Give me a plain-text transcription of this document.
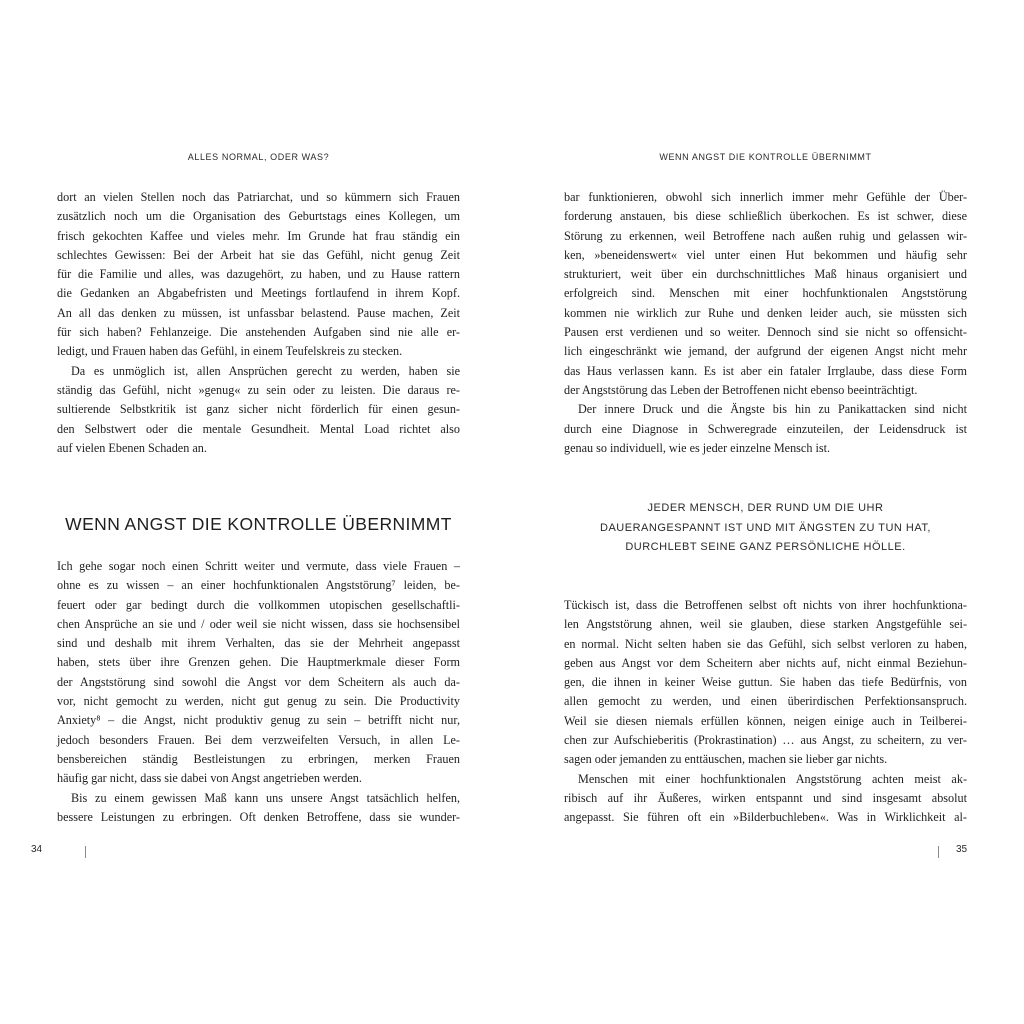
ALLES NORMAL, ODER WAS?

dort an vielen Stellen noch das Patriarchat, und so kümmern sich Frauen
zusätzlich noch um die Organisation des Geburtstags eines Kollegen, um
frisch gekochten Kaffee und vieles mehr. Im Grunde hat frau ständig ein
schlechtes Gewissen: Bei der Arbeit hat sie das Gefühl, nicht genug Zeit
für die Familie und alles, was dazugehört, zu haben, und zu Hause rattern
die Gedanken an Abgabefristen und Meetings fortlaufend in ihrem Kopf.
An all das denken zu müssen, ist unfassbar belastend. Pause machen, Zeit
für sich haben? Fehlanzeige. Die anstehenden Aufgaben sind nie alle er-
ledigt, und Frauen haben das Gefühl, in einem Teufelskreis zu stecken.

Da es unmöglich ist, allen Ansprüchen gerecht zu werden, haben sie
ständig das Gefühl, nicht »genug« zu sein oder zu leisten. Die daraus re-
sultierende Selbstkritik ist ganz sicher nicht förderlich für einen gesun-
den Selbstwert oder die mentale Gesundheit. Mental Load richtet also
auf vielen Ebenen Schaden an.

WENN ANGST DIE KONTROLLE ÜBERNIMMT

Ich gehe sogar noch einen Schritt weiter und vermute, dass viele Frauen –
ohne es zu wissen – an einer hochfunktionalen Angststörung⁷ leiden, be-
feuert oder gar bedingt durch die vollkommen utopischen gesellschaftli-
chen Ansprüche an sie und / oder weil sie nicht wissen, dass sie hochsensibel
sind und deshalb mit ihrem Verhalten, das sie der Mehrheit angepasst
haben, stets über ihre Grenzen gehen. Die Hauptmerkmale dieser Form
der Angststörung sind sowohl die Angst vor dem Scheitern als auch da-
vor, nicht gemocht zu werden, nicht gut genug zu sein. Die Productivity
Anxiety⁸ – die Angst, nicht produktiv genug zu sein – betrifft nicht nur,
jedoch besonders Frauen. Bei dem verzweifelten Versuch, in allen Le-
bensbereichen ständig Bestleistungen zu erbringen, merken Frauen
häufig gar nicht, dass sie dabei von Angst angetrieben werden.

Bis zu einem gewissen Maß kann uns unsere Angst tatsächlich helfen,
bessere Leistungen zu erbringen. Oft denken Betroffene, dass sie wunder-

34
WENN ANGST DIE KONTROLLE ÜBERNIMMT

bar funktionieren, obwohl sich innerlich immer mehr Gefühle der Über-
forderung anstauen, bis diese schließlich überkochen. Es ist schwer, diese
Störung zu erkennen, weil Betroffene nach außen ruhig und gelassen wir-
ken, »beneidenswert« viel unter einen Hut bekommen und häufig sehr
strukturiert, weit über ein durchschnittliches Maß hinaus organisiert und
erfolgreich sind. Menschen mit einer hochfunktionalen Angststörung
kommen nie wirklich zur Ruhe und denken leider auch, sie müssten sich
Pausen erst verdienen und so weiter. Dennoch sind sie nicht so offensicht-
lich eingeschränkt wie jemand, der aufgrund der eigenen Angst nicht mehr
das Haus verlassen kann. Es ist aber ein fataler Irrglaube, dass diese Form
der Angststörung das Leben der Betroffenen nicht ebenso beeinträchtigt.

Der innere Druck und die Ängste bis hin zu Panikattacken sind nicht
durch eine Diagnose in Schweregrade einzuteilen, der Leidensdruck ist
genau so individuell, wie es jeder einzelne Mensch ist.

JEDER MENSCH, DER RUND UM DIE UHR
DAUERANGESPANNT IST UND MIT ÄNGSTEN ZU TUN HAT,
DURCHLEBT SEINE GANZ PERSÖNLICHE HÖLLE.

Tückisch ist, dass die Betroffenen selbst oft nichts von ihrer hochfunktiona-
len Angststörung ahnen, weil sie glauben, diese starken Angstgefühle sei-
en normal. Nicht selten haben sie das Gefühl, sich selbst verloren zu haben,
geben aus Angst vor dem Scheitern aber nichts auf, nicht einmal Beziehun-
gen, die ihnen in keiner Weise guttun. Sie haben das tiefe Bedürfnis, von
allen gemocht zu werden, und einen überirdischen Perfektionsanspruch.
Weil sie diesen niemals erfüllen können, neigen einige auch in Teilberei-
chen zur Aufschieberitis (Prokrastination) … aus Angst, zu scheitern, zu ver-
sagen oder jemanden zu enttäuschen, machen sie lieber gar nichts.

Menschen mit einer hochfunktionalen Angststörung achten meist ak-
ribisch auf ihr Äußeres, wirken entspannt und sind insgesamt absolut
angepasst. Sie führen oft ein »Bilderbuchleben«. Was in Wirklichkeit al-

35
